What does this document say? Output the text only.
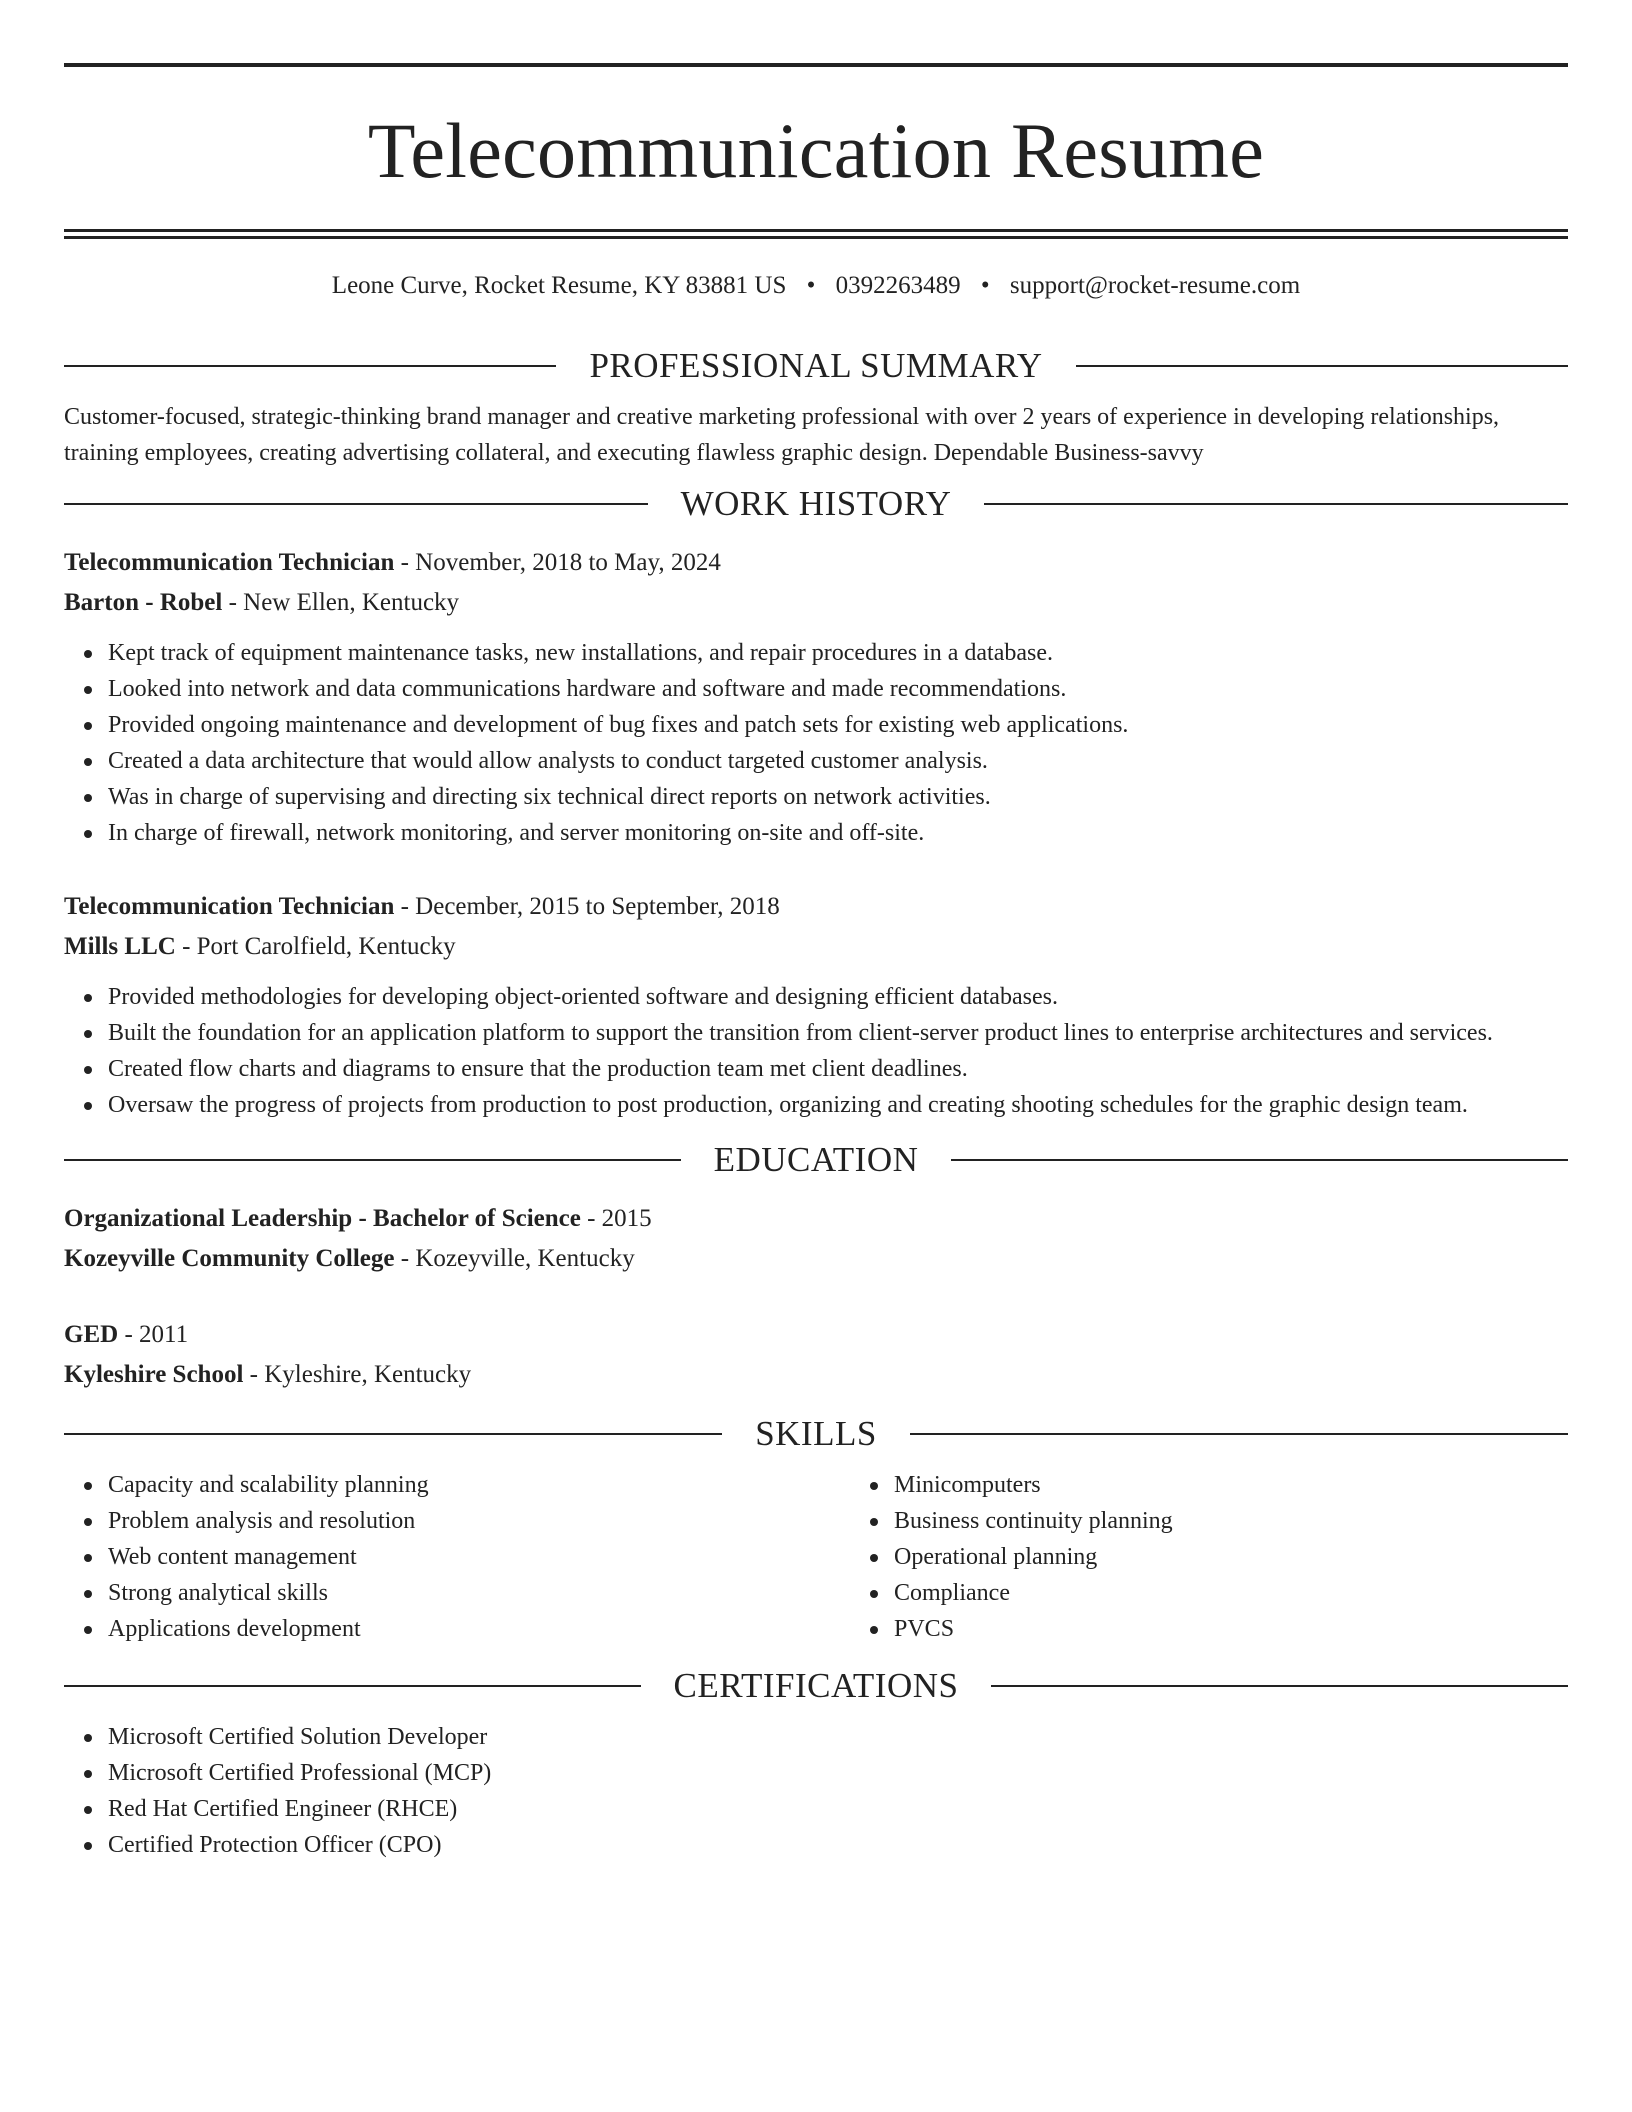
Telecommunication Resume
Leone Curve, Rocket Resume, KY 83881 US • 0392263489 • support@rocket-resume.com
PROFESSIONAL SUMMARY
Customer-focused, strategic-thinking brand manager and creative marketing professional with over 2 years of experience in developing relationships, training employees, creating advertising collateral, and executing flawless graphic design. Dependable Business-savvy
WORK HISTORY
Telecommunication Technician - November, 2018 to May, 2024
Barton - Robel - New Ellen, Kentucky
Kept track of equipment maintenance tasks, new installations, and repair procedures in a database.
Looked into network and data communications hardware and software and made recommendations.
Provided ongoing maintenance and development of bug fixes and patch sets for existing web applications.
Created a data architecture that would allow analysts to conduct targeted customer analysis.
Was in charge of supervising and directing six technical direct reports on network activities.
In charge of firewall, network monitoring, and server monitoring on-site and off-site.
Telecommunication Technician - December, 2015 to September, 2018
Mills LLC - Port Carolfield, Kentucky
Provided methodologies for developing object-oriented software and designing efficient databases.
Built the foundation for an application platform to support the transition from client-server product lines to enterprise architectures and services.
Created flow charts and diagrams to ensure that the production team met client deadlines.
Oversaw the progress of projects from production to post production, organizing and creating shooting schedules for the graphic design team.
EDUCATION
Organizational Leadership - Bachelor of Science - 2015
Kozeyville Community College - Kozeyville, Kentucky
GED - 2011
Kyleshire School - Kyleshire, Kentucky
SKILLS
Capacity and scalability planning
Problem analysis and resolution
Web content management
Strong analytical skills
Applications development
Minicomputers
Business continuity planning
Operational planning
Compliance
PVCS
CERTIFICATIONS
Microsoft Certified Solution Developer
Microsoft Certified Professional (MCP)
Red Hat Certified Engineer (RHCE)
Certified Protection Officer (CPO)
